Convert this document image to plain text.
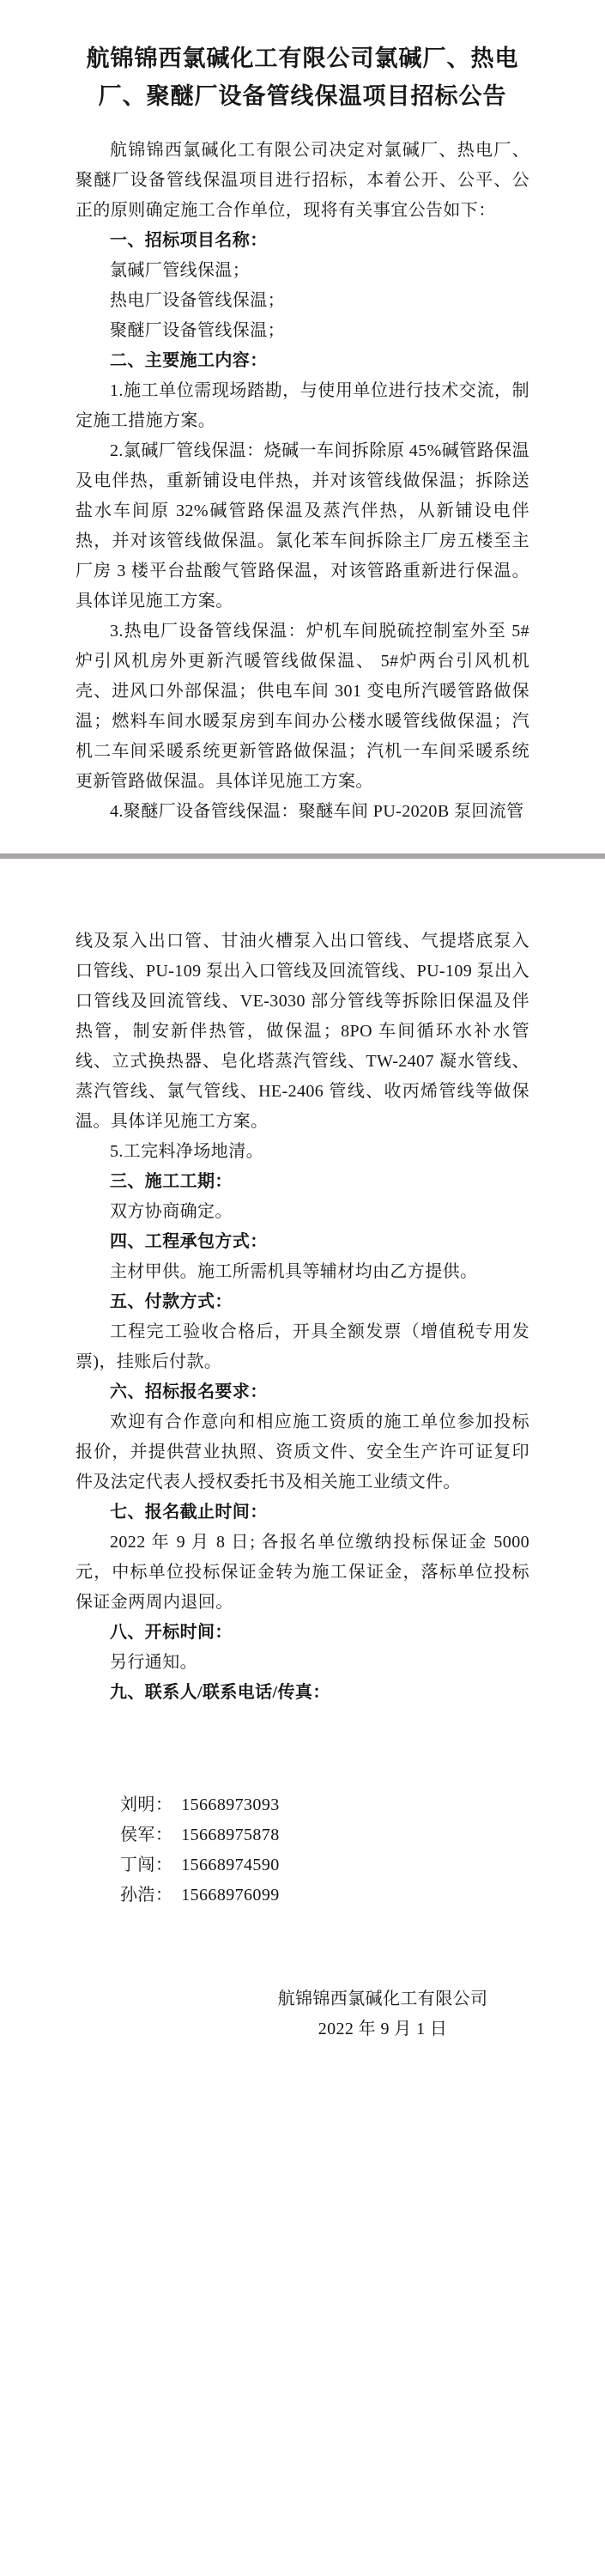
航锦锦西氯碱化工有限公司氯碱厂、热电厂、聚醚厂设备管线保温项目招标公告

航锦锦西氯碱化工有限公司决定对氯碱厂、热电厂、聚醚厂设备管线保温项目进行招标，本着公开、公平、公正的原则确定施工合作单位，现将有关事宜公告如下：

一、招标项目名称：

氯碱厂管线保温；

热电厂设备管线保温；

聚醚厂设备管线保温；

二、主要施工内容：

1.施工单位需现场踏勘，与使用单位进行技术交流，制定施工措施方案。

2.氯碱厂管线保温：烧碱一车间拆除原 45%碱管路保温及电伴热，重新铺设电伴热，并对该管线做保温；拆除送盐水车间原 32%碱管路保温及蒸汽伴热，从新铺设电伴热，并对该管线做保温。氯化苯车间拆除主厂房五楼至主厂房 3 楼平台盐酸气管路保温，对该管路重新进行保温。具体详见施工方案。

3.热电厂设备管线保温：炉机车间脱硫控制室外至 5#炉引风机房外更新汽暖管线做保温、 5#炉两台引风机机壳、进风口外部保温；供电车间 301 变电所汽暖管路做保温；燃料车间水暖泵房到车间办公楼水暖管线做保温；汽机二车间采暖系统更新管路做保温；汽机一车间采暖系统更新管路做保温。具体详见施工方案。

4.聚醚厂设备管线保温：聚醚车间 PU-2020B 泵回流管

线及泵入出口管、甘油火槽泵入出口管线、气提塔底泵入口管线、PU-109 泵出入口管线及回流管线、PU-109 泵出入口管线及回流管线、VE-3030 部分管线等拆除旧保温及伴热管，制安新伴热管，做保温；8PO 车间循环水补水管线、立式换热器、皂化塔蒸汽管线、TW-2407 凝水管线、蒸汽管线、氯气管线、HE-2406 管线、收丙烯管线等做保温。具体详见施工方案。

5.工完料净场地清。

三、施工工期：

双方协商确定。

四、工程承包方式：

主材甲供。施工所需机具等辅材均由乙方提供。

五、付款方式：

工程完工验收合格后，开具全额发票（增值税专用发票)，挂账后付款。

六、招标报名要求：

欢迎有合作意向和相应施工资质的施工单位参加投标报价，并提供营业执照、资质文件、安全生产许可证复印件及法定代表人授权委托书及相关施工业绩文件。

七、报名截止时间：

2022 年 9 月 8 日; 各报名单位缴纳投标保证金 5000 元，中标单位投标保证金转为施工保证金，落标单位投标保证金两周内退回。

八、开标时间：

另行通知。

九、联系人/联系电话/传真：

刘明： 15668973093

侯军： 15668975878

丁闯： 15668974590

孙浩： 15668976099

航锦锦西氯碱化工有限公司

2022 年 9 月 1 日
